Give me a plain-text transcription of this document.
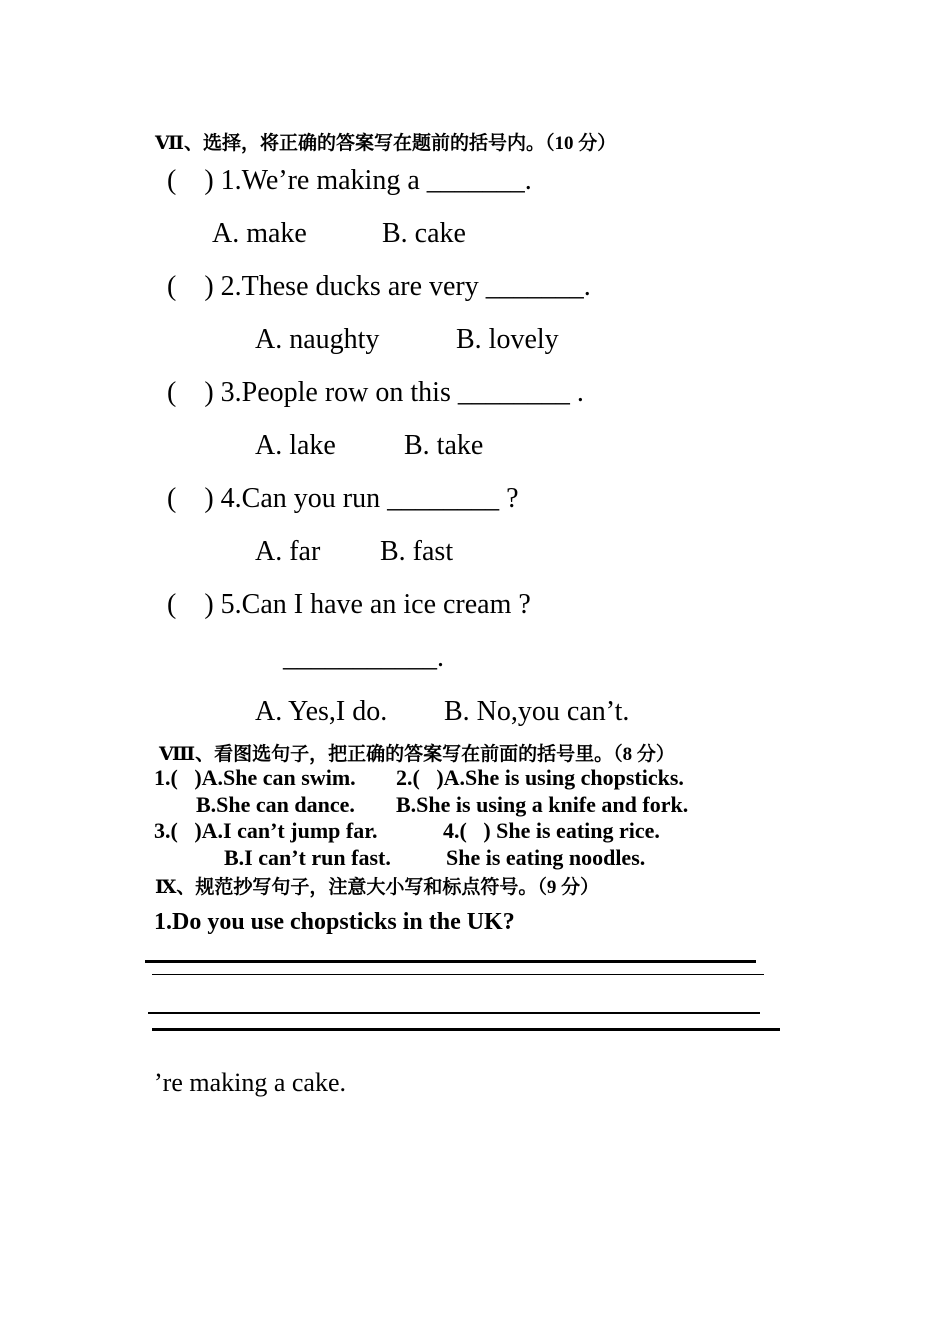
Ⅶ、选择，将正确的答案写在题前的括号内。（10 分）
(    ) 1.We’re making a _______.
A. make	B. cake
(    ) 2.These ducks are very _______.
A. naughty	B. lovely
(    ) 3.People row on this ________ .
A. lake B. take
(    ) 4.Can you run ________ ?
A. far B. fast
(    ) 5.Can I have an ice cream ?
___________.
A. Yes,I do. B. No,you can’t.
Ⅷ、看图选句子，把正确的答案写在前面的括号里。（8 分）
1.(   )A.She can swim. 2.(   )A.She is using chopsticks.
B.She can dance. B.She is using a knife and fork.
3.(   )A.I can’t jump far.	4.(   ) She is eating rice.
B.I can’t run fast.	She is eating noodles.
Ⅸ、规范抄写句子，注意大小写和标点符号。（9 分）
1.Do you use chopsticks in the UK?
’re making a cake.
